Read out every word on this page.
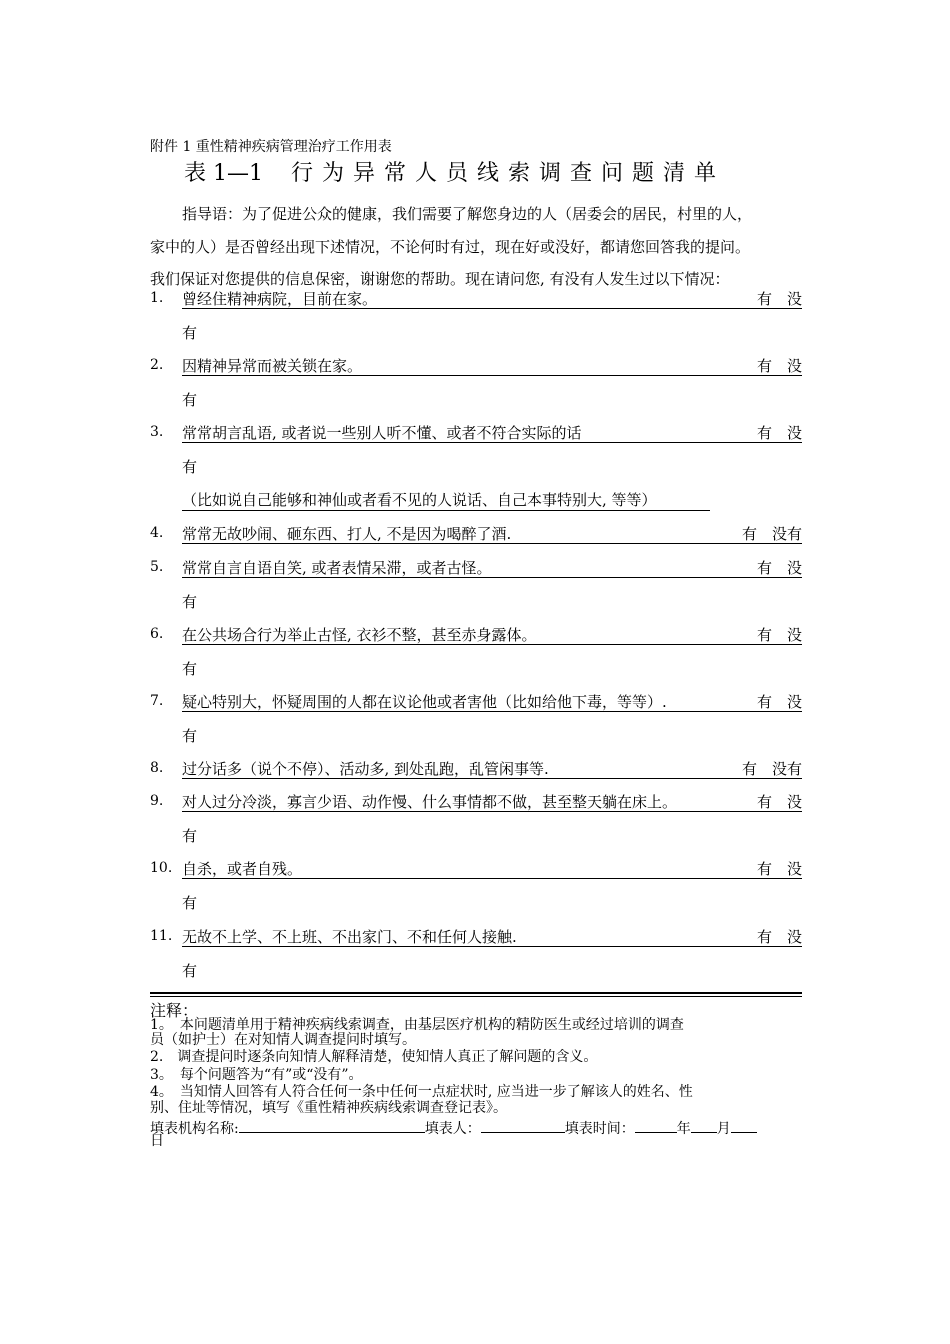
附件 1 重性精神疾病管理治疗工作用表
表 1—1 行为异常人员线索调查问题清单
指导语：为了促进公众的健康，我们需要了解您身边的人（居委会的居民，村里的人，
家中的人）是否曾经出现下述情况，不论何时有过，现在好或没好，都请您回答我的提问。
我们保证对您提供的信息保密，谢谢您的帮助。现在请问您, 有没有人发生过以下情况：
1. 曾经住精神病院，目前在家。	有　没
有
2. 因精神异常而被关锁在家。	有　没
有
3. 常常胡言乱语, 或者说一些别人听不懂、或者不符合实际的话	有　没
有
（比如说自己能够和神仙或者看不见的人说话、自己本事特别大, 等等）
4. 常常无故吵闹、砸东西、打人, 不是因为喝醉了酒.	有　没有
5. 常常自言自语自笑, 或者表情呆滞，或者古怪。	有　没
有
6. 在公共场合行为举止古怪, 衣衫不整，甚至赤身露体。	有　没
有
7. 疑心特别大，怀疑周围的人都在议论他或者害他（比如给他下毒，等等）.	有　没
有
8. 过分话多（说个不停）、活动多, 到处乱跑，乱管闲事等.	有　没有
9. 对人过分冷淡，寡言少语、动作慢、什么事情都不做，甚至整天躺在床上。	有　没
有
10. 自杀，或者自残。	有　没
有
11. 无故不上学、不上班、不出家门、不和任何人接触.	有　没
有
注释：
1。　本问题清单用于精神疾病线索调查，由基层医疗机构的精防医生或经过培训的调查
员（如护士）在对知情人调查提问时填写。
2.　调查提问时逐条向知情人解释清楚，使知情人真正了解问题的含义。
3。　每个问题答为“有”或“没有”。
4。　当知情人回答有人符合任何一条中任何一点症状时, 应当进一步了解该人的姓名、性
别、住址等情况，填写《重性精神疾病线索调查登记表》。
填表机构名称:	填表人：	填表时间：	年 月
日
